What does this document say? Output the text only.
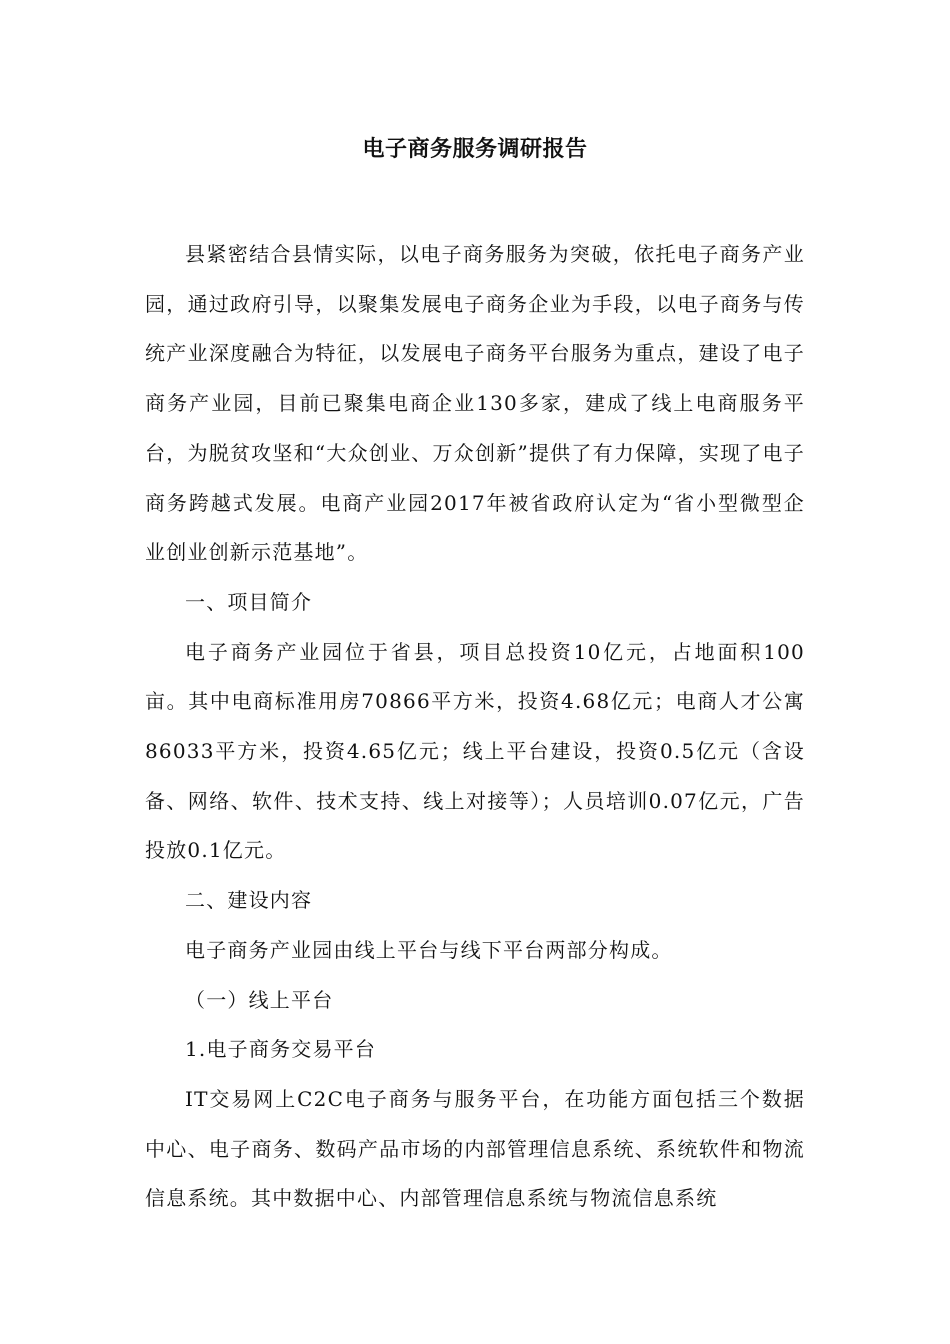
电子商务服务调研报告

县紧密结合县情实际，以电子商务服务为突破，依托电子商务产业园，通过政府引导，以聚集发展电子商务企业为手段，以电子商务与传统产业深度融合为特征，以发展电子商务平台服务为重点，建设了电子商务产业园，目前已聚集电商企业130多家，建成了线上电商服务平台，为脱贫攻坚和“大众创业、万众创新”提供了有力保障，实现了电子商务跨越式发展。电商产业园2017年被省政府认定为“省小型微型企业创业创新示范基地”。

一、项目简介

电子商务产业园位于省县，项目总投资10亿元，占地面积100亩。其中电商标准用房70866平方米，投资4.68亿元；电商人才公寓86033平方米，投资4.65亿元；线上平台建设，投资0.5亿元（含设备、网络、软件、技术支持、线上对接等）；人员培训0.07亿元，广告投放0.1亿元。

二、建设内容

电子商务产业园由线上平台与线下平台两部分构成。

（一）线上平台

1.电子商务交易平台

IT交易网上C2C电子商务与服务平台，在功能方面包括三个数据中心、电子商务、数码产品市场的内部管理信息系统、系统软件和物流信息系统。其中数据中心、内部管理信息系统与物流信息系统
